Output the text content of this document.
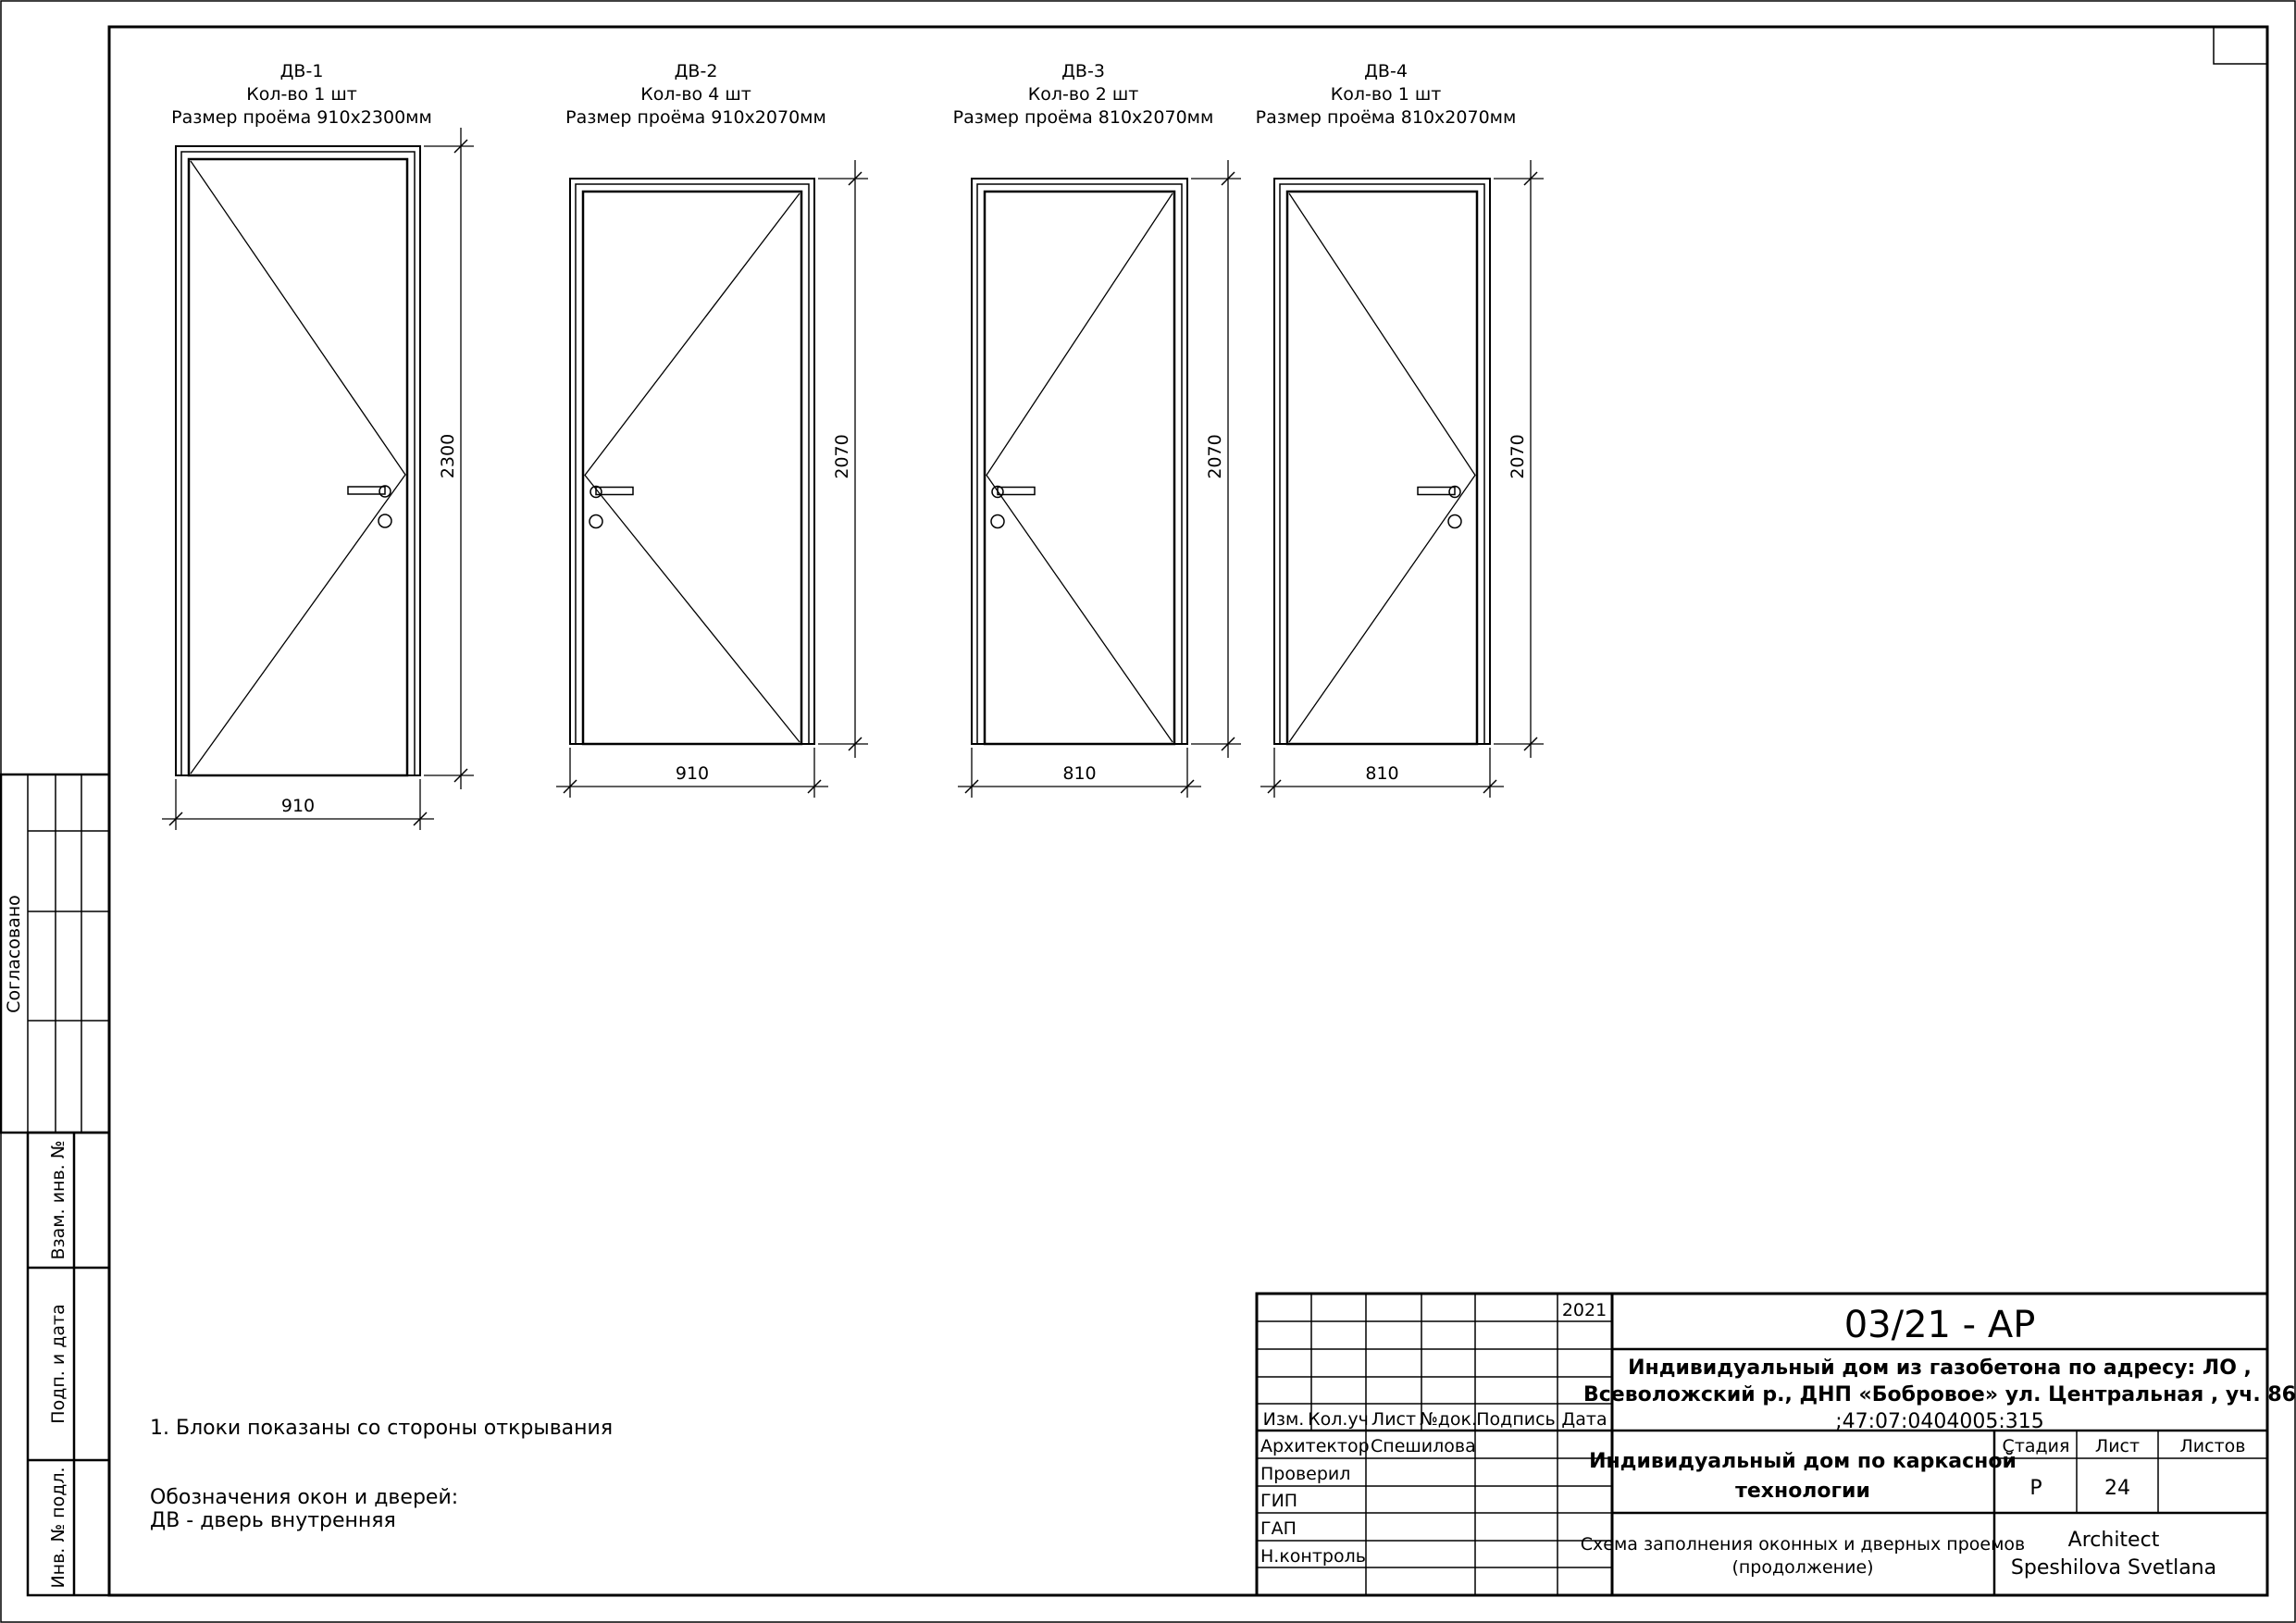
Согласовано
Взам. инв. №
Подп. и дата
Инв. № подл.
ДВ-1
Кол-во 1 шт
Размер проёма 910x2300мм
2300
910
ДВ-2
Кол-во 4 шт
Размер проёма 910x2070мм
2070
910
ДВ-3
Кол-во 2 шт
Размер проёма 810x2070мм
2070
810
ДВ-4
Кол-во 1 шт
Размер проёма 810x2070мм
2070
810
1. Блоки показаны со стороны открывания
Обозначения окон и дверей:
ДВ - дверь внутренняя
2021	03/21 - АР
Индивидуальный дом из газобетона по адресу: ЛО ,
Всеволожский р., ДНП «Бобровое» ул. Центральная , уч. 86
;47:07:0404005:315
Индивидуальный дом по каркасной
технологии
Схема заполнения оконных и дверных проемов
(продолжение)
Изм. Кол.уч Лист №док. Подпись Дата
Архитектор Спешилова
Проверил
ГИП
ГАП
Н.контроль
Стадия Лист Листов
Р	24
Architect
Speshilova Svetlana
